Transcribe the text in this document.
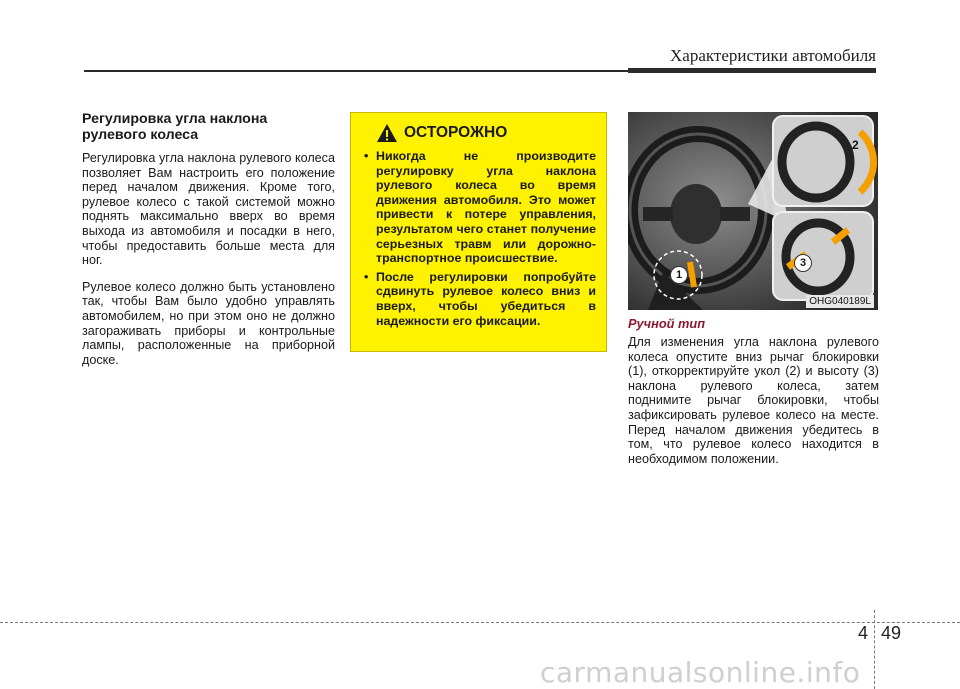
Характеристики автомобиля
Регулировка угла наклона рулевого колеса

Регулировка угла наклона рулевого колеса позволяет Вам настроить его положение перед началом движения. Кроме того, рулевое колесо с такой системой можно поднять максимально вверх во время выхода из автомобиля и посадки в него, чтобы предоставить больше места для ног.

Рулевое колесо должно быть установлено так, чтобы Вам было удобно управлять автомобилем, но при этом оно не должно загораживать приборы и контрольные лампы, расположенные на приборной доске.

ОСТОРОЖНО
• Никогда не производите регулировку угла наклона рулевого колеса во время движения автомобиля. Это может привести к потере управления, результатом чего станет получение серьезных травм или дорожно-транспортное происшествие.
• После регулировки попробуйте сдвинуть рулевое колесо вниз и вверх, чтобы убедиться в надежности его фиксации.
1
2
3
OHG040189L
Ручной тип

Для изменения угла наклона рулевого колеса опустите вниз рычаг блокировки (1), откорректируйте укол (2) и высоту (3) наклона рулевого колеса, затем поднимите рычаг блокировки, чтобы зафиксировать рулевое колесо на месте. Перед началом движения убедитесь в том, что рулевое колесо находится в необходимом положении.

4 49
carmanualsonline.info
